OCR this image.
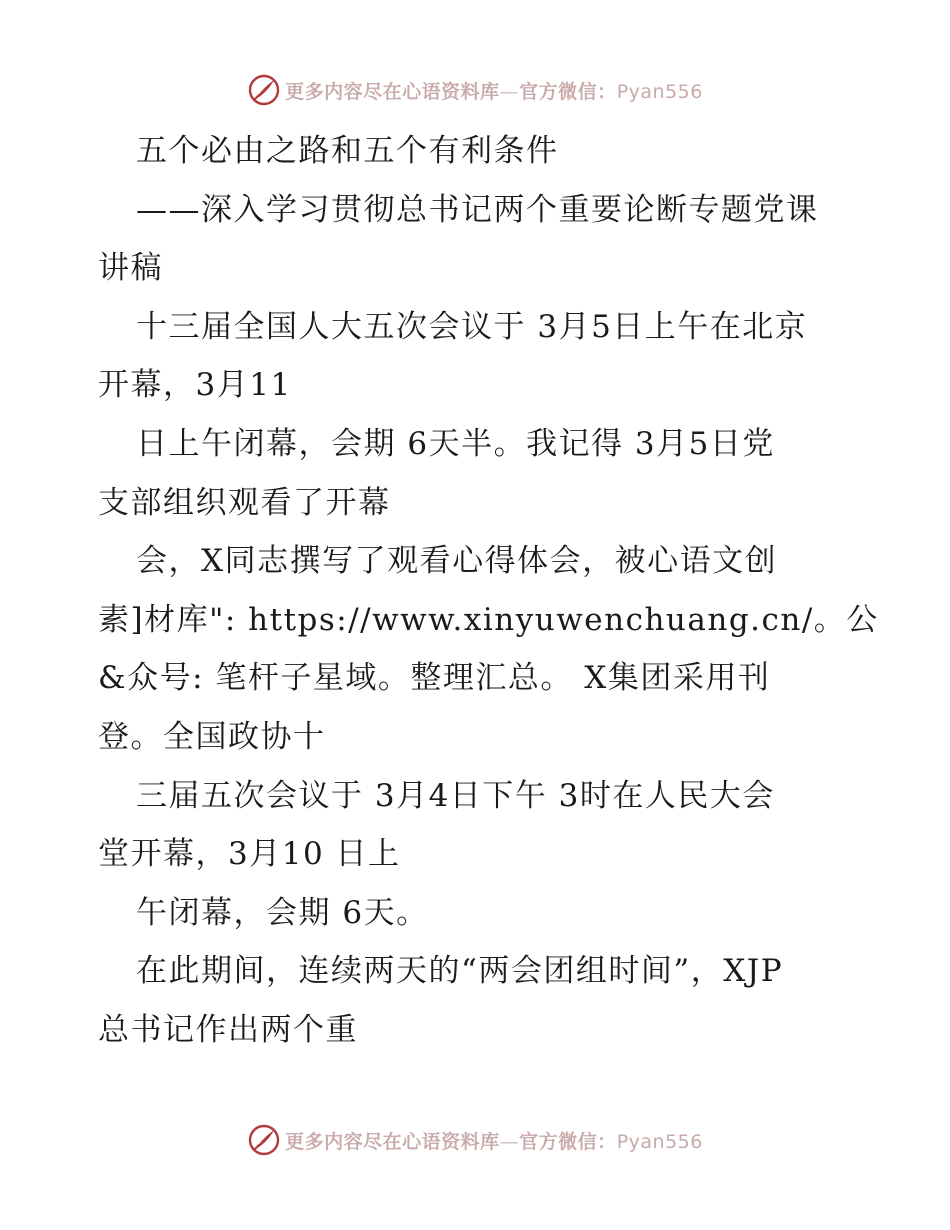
更多内容尽在心语资料库—官方微信：Pyan556
五个必由之路和五个有利条件
——深入学习贯彻总书记两个重要论断专题党课
讲稿
十三届全国人大五次会议于 3月5日上午在北京
开幕，3月11
日上午闭幕，会期 6天半。我记得 3月5日党
支部组织观看了开幕
会，X同志撰写了观看心得体会，被心语文创
素]材库": https://www.xinyuwenchuang.cn/。公
&众号: 笔杆子星域。整理汇总。 X集团采用刊
登。全国政协十
三届五次会议于 3月4日下午 3时在人民大会
堂开幕，3月10 日上
午闭幕，会期 6天。
在此期间，连续两天的“两会团组时间”，XJP
总书记作出两个重
更多内容尽在心语资料库—官方微信：Pyan556
